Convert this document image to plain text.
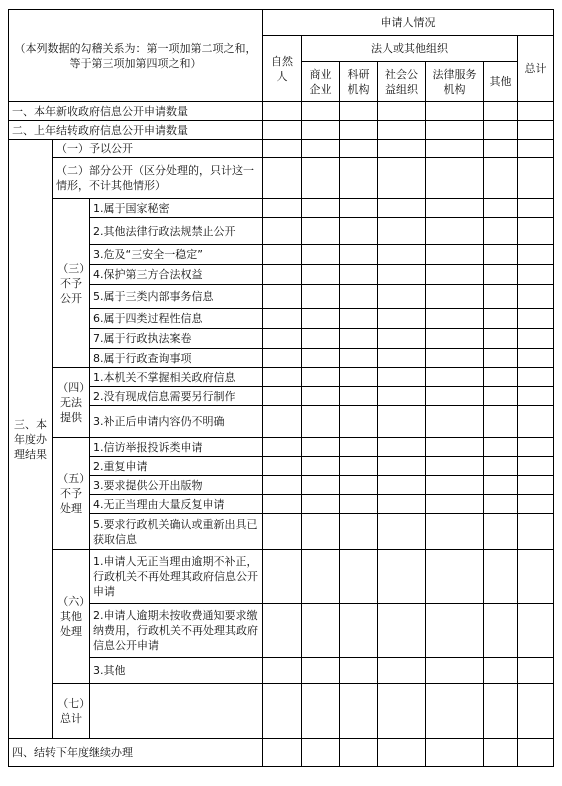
（本列数据的勾稽关系为：第一项加第二项之和，等于第三项加第四项之和）			申请人情况						
			自然人	法人或其他组织					总计
				商业企业	科研机构	社会公益组织	法律服务机构	其他	
一、本年新收政府信息公开申请数量									
二、上年结转政府信息公开申请数量									
三、本年度办理结果	（一）予以公开								
	（二）部分公开（区分处理的，只计这一情形，不计其他情形）								
	（三）不予公开	1.属于国家秘密							
		2.其他法律行政法规禁止公开							
		3.危及“三安全一稳定”							
		4.保护第三方合法权益							
		5.属于三类内部事务信息							
		6.属于四类过程性信息							
		7.属于行政执法案卷							
		8.属于行政查询事项							
	（四）无法提供	1.本机关不掌握相关政府信息							
		2.没有现成信息需要另行制作							
		3.补正后申请内容仍不明确							
	（五）不予处理	1.信访举报投诉类申请							
		2.重复申请							
		3.要求提供公开出版物							
		4.无正当理由大量反复申请							
		5.要求行政机关确认或重新出具已获取信息							
	（六）其他处理	1.申请人无正当理由逾期不补正，行政机关不再处理其政府信息公开申请							
		2.申请人逾期未按收费通知要求缴纳费用，行政机关不再处理其政府信息公开申请							
		3.其他							
	（七）总计								
四、结转下年度继续办理									
